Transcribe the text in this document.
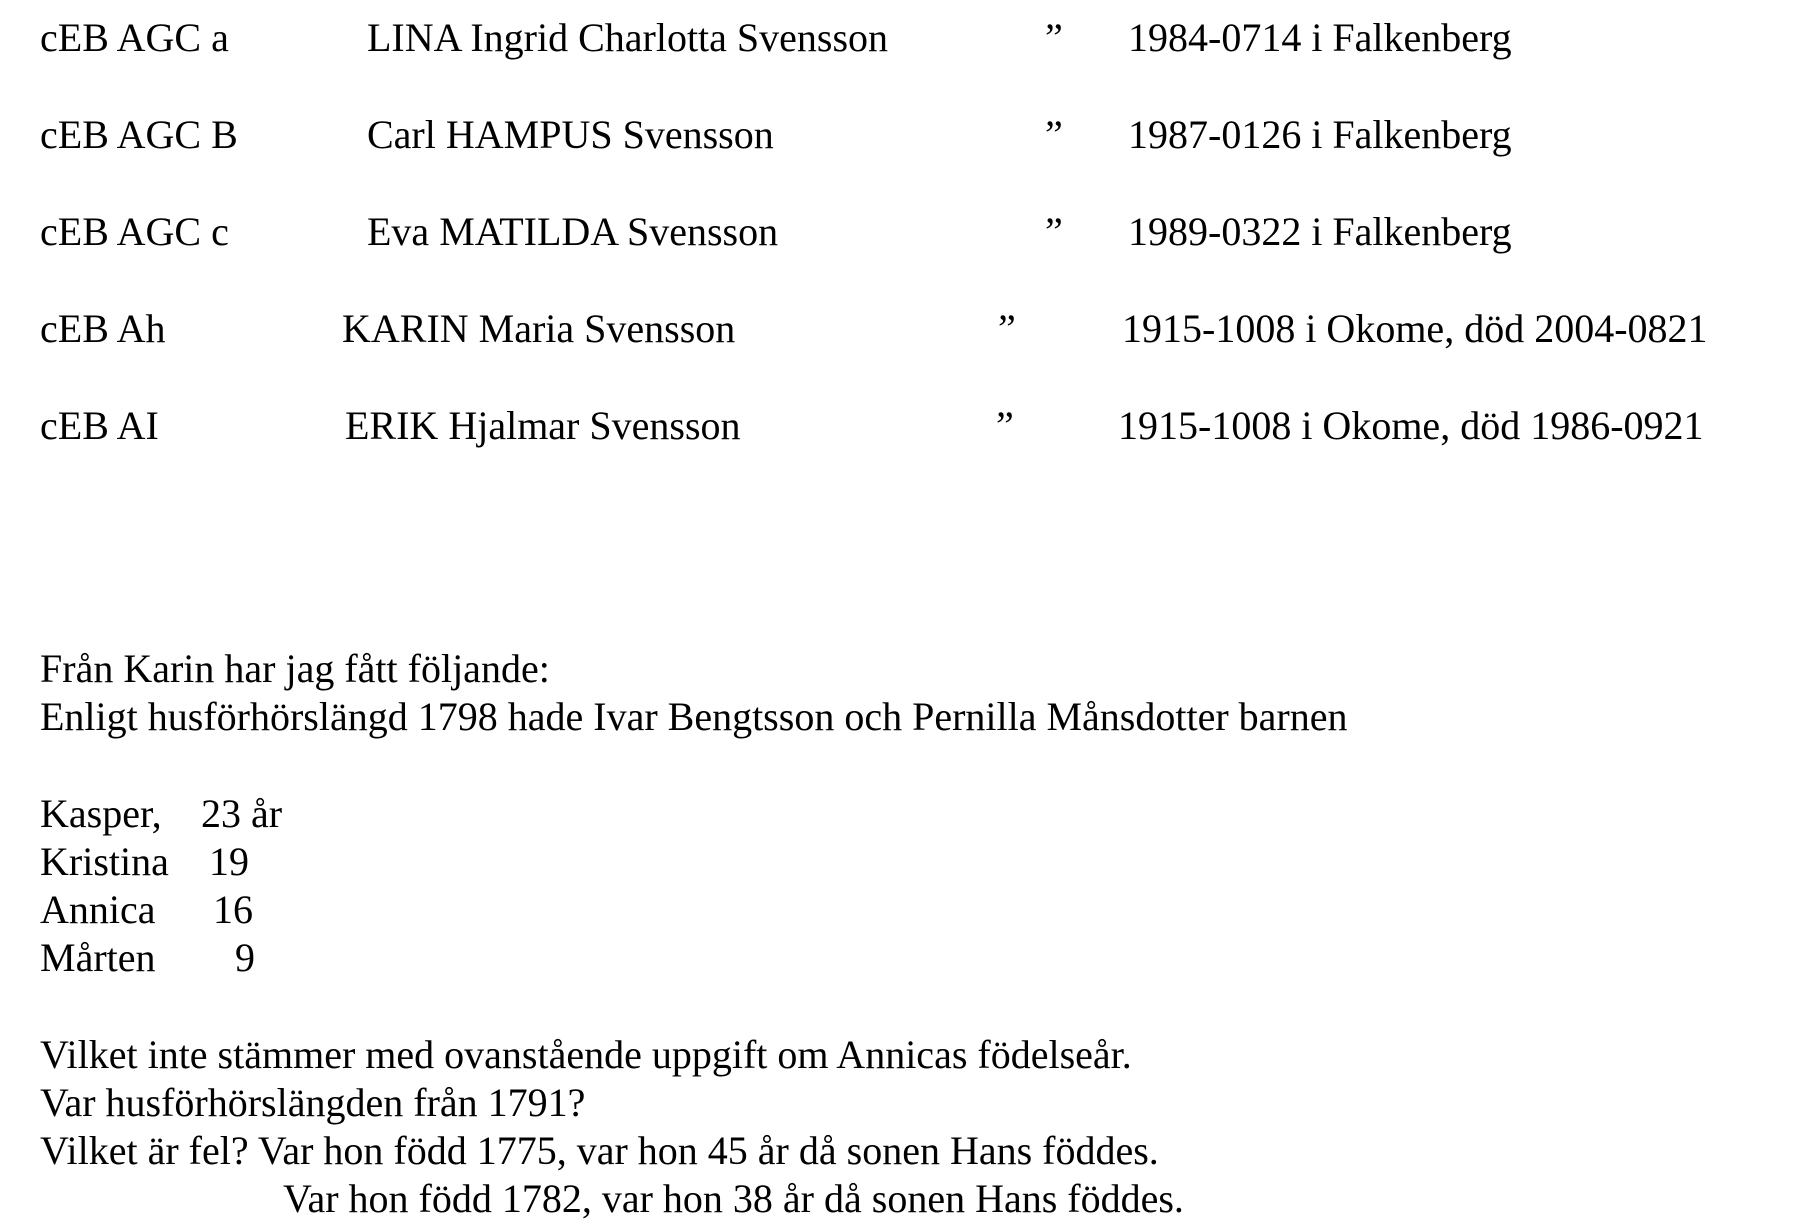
cEB AGC a	LINA Ingrid Charlotta Svensson	” 1984-0714 i Falkenberg
cEB AGC B	Carl HAMPUS Svensson	” 1987-0126 i Falkenberg
cEB AGC c	Eva MATILDA Svensson	” 1989-0322 i Falkenberg
cEB Ah	KARIN Maria Svensson	”	1915-1008 i Okome, död 2004-0821
cEB AI	ERIK Hjalmar Svensson	”	1915-1008 i Okome, död 1986-0921
Från Karin har jag fått följande:
Enligt husförhörslängd 1798 hade Ivar Bengtsson och Pernilla Månsdotter barnen
Kasper, 23 år
Kristina 19
Annica 16
Mårten 9
Vilket inte stämmer med ovanstående uppgift om Annicas födelseår.
Var husförhörslängden från 1791?
Vilket är fel? Var hon född 1775, var hon 45 år då sonen Hans föddes.
Var hon född 1782, var hon 38 år då sonen Hans föddes.
